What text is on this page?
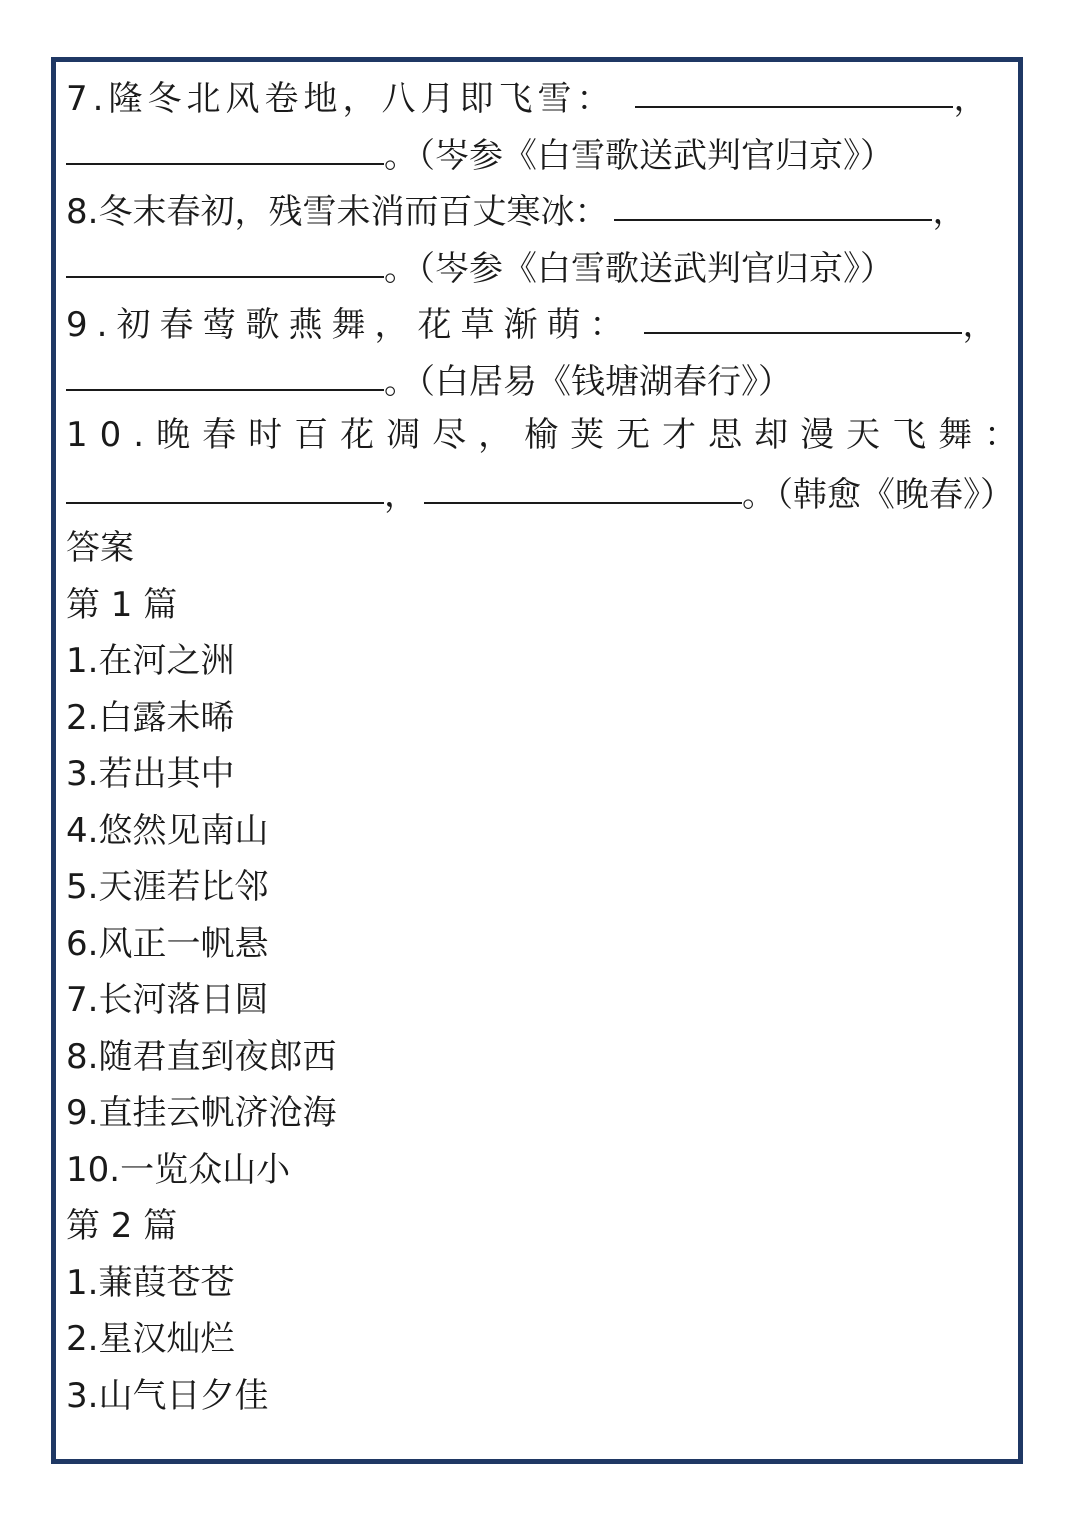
7.隆冬北风卷地，八月即飞雪：	，
。（岑参《白雪歌送武判官归京》）
8.冬末春初，残雪未消而百丈寒冰：	，
。（岑参《白雪歌送武判官归京》）
9.初春莺歌燕舞，花草渐萌：	，
。（白居易《钱塘湖春行》）
10.晚春时百花凋尽，榆荚无才思却漫天飞舞：
，	。（韩愈《晚春》）
答案
第 1 篇
1.在河之洲
2.白露未晞
3.若出其中
4.悠然见南山
5.天涯若比邻
6.风正一帆悬
7.长河落日圆
8.随君直到夜郎西
9.直挂云帆济沧海
10.一览众山小
第 2 篇
1.蒹葭苍苍
2.星汉灿烂
3.山气日夕佳
